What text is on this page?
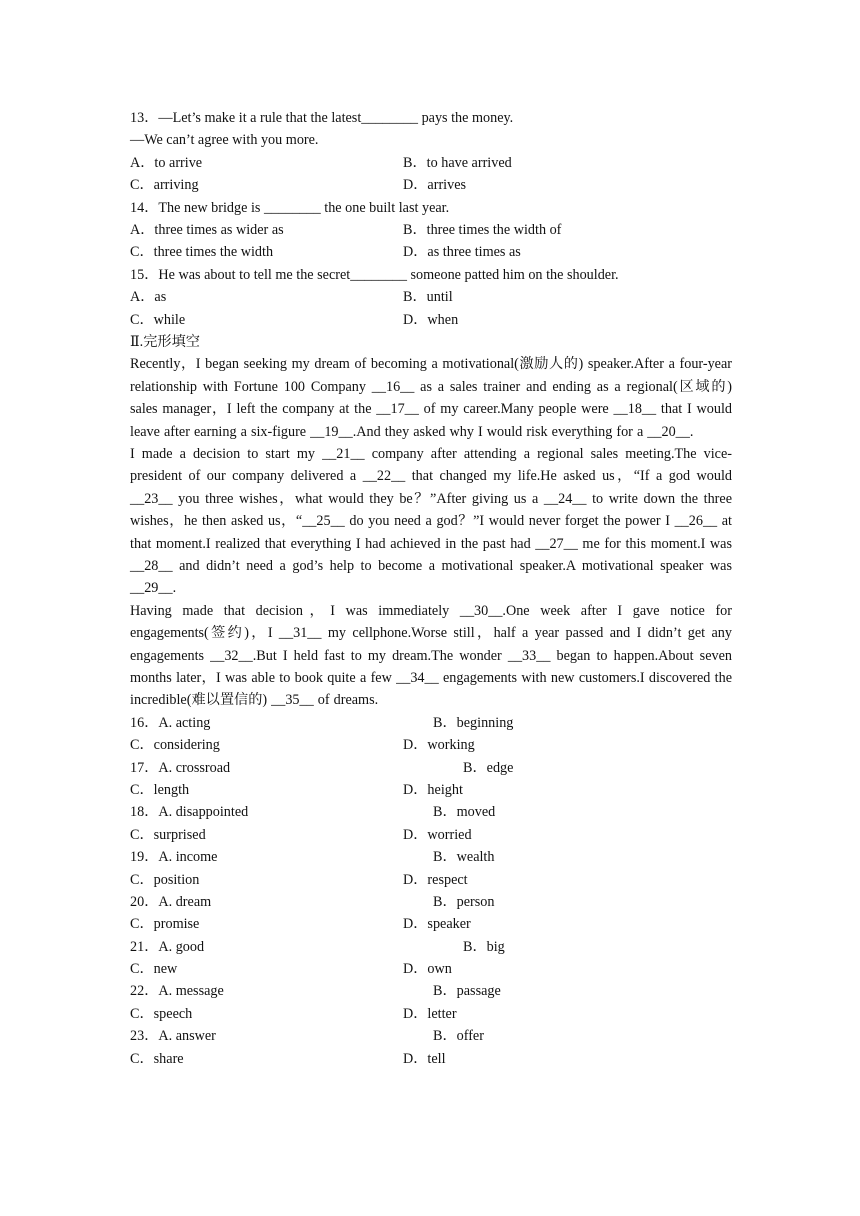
13．—Let’s make it a rule that the latest________ pays the money.
—We can’t agree with you more.
A．to arrive	B．to have arrived
C．arriving	D．arrives
14．The new bridge is ________ the one built last year.
A．three times as wider as	B．three times the width of
C．three times the width	D．as three times as
15．He was about to tell me the secret________ someone patted him on the shoulder.
A．as	B．until
C．while	D．when
Ⅱ.完形填空
Recently，I began seeking my dream of becoming a motivational(激励人的) speaker.After a four-year relationship with Fortune 100 Company __16__ as a sales trainer and ending as a regional(区域的) sales manager，I left the company at the __17__ of my career.Many people were __18__ that I would leave after earning a six-figure __19__.And they asked why I would risk everything for a __20__.
I made a decision to start my __21__ company after attending a regional sales meeting.The vice-president of our company delivered a __22__ that changed my life.He asked us，“If a god would __23__ you three wishes，what would they be？”After giving us a __24__ to write down the three wishes，he then asked us，“__25__ do you need a god？”I would never forget the power I __26__ at that moment.I realized that everything I had achieved in the past had __27__ me for this moment.I was __28__ and didn’t need a god’s help to become a motivational speaker.A motivational speaker was __29__.
Having made that decision，I was immediately __30__.One week after I gave notice for engagements(签约)，I __31__ my cellphone.Worse still，half a year passed and I didn’t get any engagements __32__.But I held fast to my dream.The wonder __33__ began to happen.About seven months later，I was able to book quite a few __34__ engagements with new customers.I discovered the incredible(难以置信的) __35__ of dreams.
16．A. acting	B．beginning
C．considering	D．working
17．A. crossroad	B．edge
C．length	D．height
18．A. disappointed	B．moved
C．surprised	D．worried
19．A. income	B．wealth
C．position	D．respect
20．A. dream	B．person
C．promise	D．speaker
21．A. good	B．big
C．new	D．own
22．A. message	B．passage
C．speech	D．letter
23．A. answer	B．offer
C．share	D．tell
